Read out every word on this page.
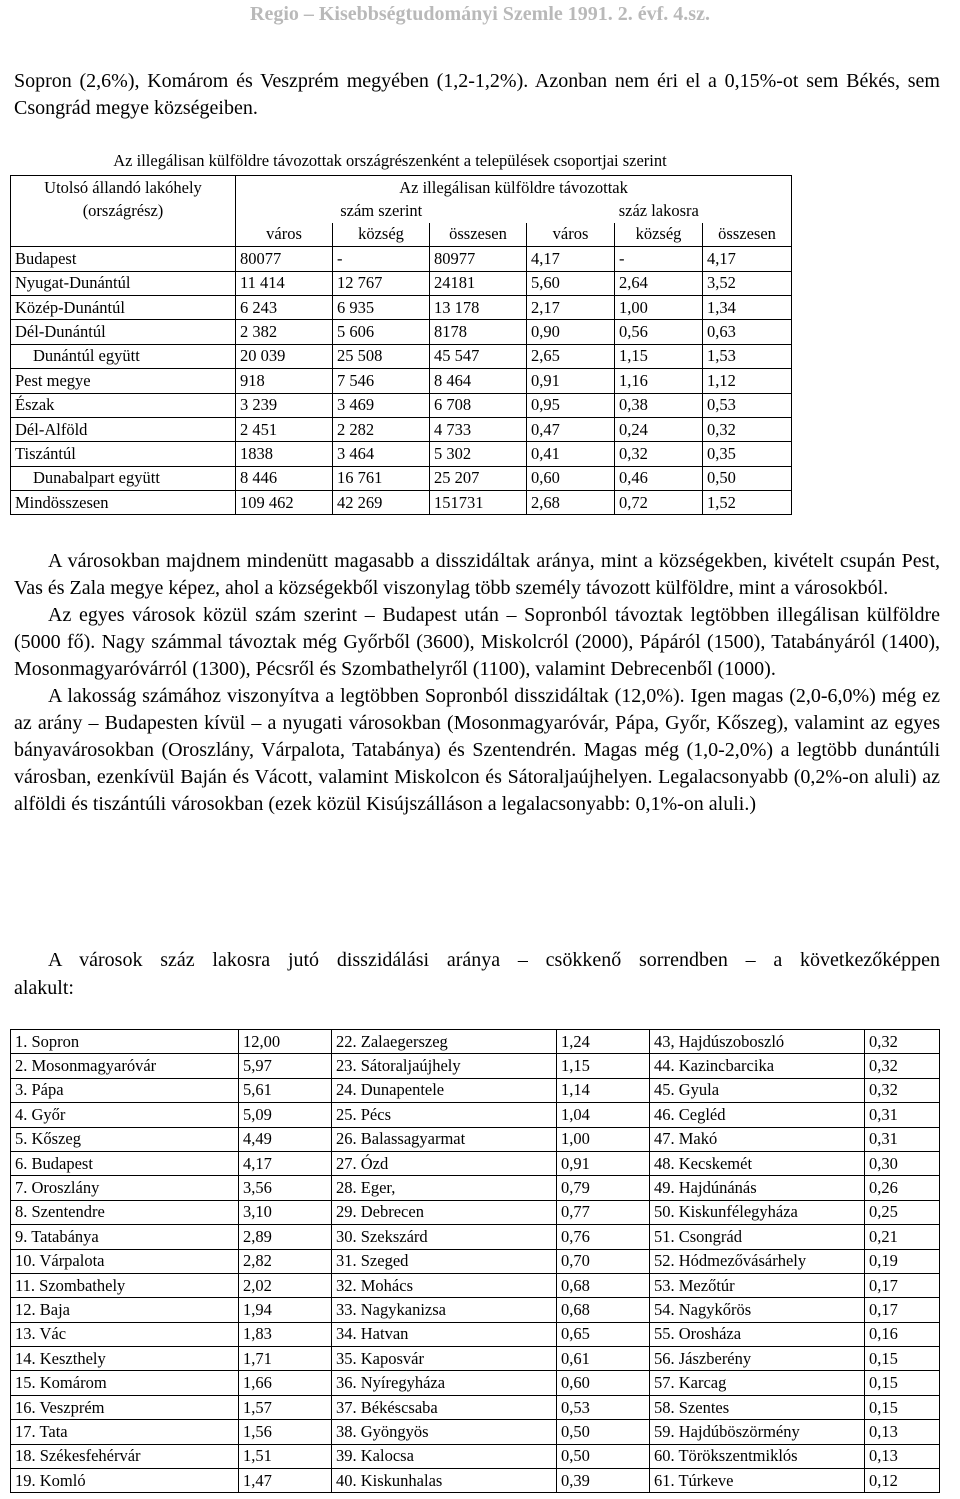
Regio – Kisebbségtudományi Szemle 1991. 2. évf. 4.sz.
Sopron (2,6%), Komárom és Veszprém megyében (1,2-1,2%). Azonban nem éri el a 0,15%-ot sem Békés, sem Csongrád megye községeiben.
Az illegálisan külföldre távozottak országrészenként a települések csoportjai szerint
Utolsó állandó lakóhely	Az illegálisan külföldre távozottak					
(országrész)	szám szerint			száz lakosra		
	város	község	összesen	város	község	összesen
Budapest	80077	-	80977	4,17	-	4,17
Nyugat-Dunántúl	11 414	12 767	24181	5,60	2,64	3,52
Közép-Dunántúl	6 243	6 935	13 178	2,17	1,00	1,34
Dél-Dunántúl	2 382	5 606	8178	0,90	0,56	0,63
Dunántúl együtt	20 039	25 508	45 547	2,65	1,15	1,53
Pest megye	918	7 546	8 464	0,91	1,16	1,12
Észak	3 239	3 469	6 708	0,95	0,38	0,53
Dél-Alföld	2 451	2 282	4 733	0,47	0,24	0,32
Tiszántúl	1838	3 464	5 302	0,41	0,32	0,35
Dunabalpart együtt	8 446	16 761	25 207	0,60	0,46	0,50
Mindösszesen	109 462	42 269	151731	2,68	0,72	1,52

A városokban majdnem mindenütt magasabb a disszidáltak aránya, mint a községekben, kivételt csupán Pest, Vas és Zala megye képez, ahol a községekből viszonylag több személy távozott külföldre, mint a városokból.

Az egyes városok közül szám szerint – Budapest után – Sopronból távoztak legtöbben illegálisan külföldre (5000 fő). Nagy számmal távoztak még Győrből (3600), Miskolcról (2000), Pápáról (1500), Tatabányáról (1400), Mosonmagyaróvárról (1300), Pécsről és Szombathelyről (1100), valamint Debrecenből (1000).

A lakosság számához viszonyítva a legtöbben Sopronból disszidáltak (12,0%). Igen magas (2,0-6,0%) még ez az arány – Budapesten kívül – a nyugati városokban (Mosonmagyaróvár, Pápa, Győr, Kőszeg), valamint az egyes bányavárosokban (Oroszlány, Várpalota, Tatabánya) és Szentendrén. Magas még (1,0-2,0%) a legtöbb dunántúli városban, ezenkívül Baján és Vácott, valamint Miskolcon és Sátoraljaújhelyen. Legalacsonyabb (0,2%-on aluli) az alföldi és tiszántúli városokban (ezek közül Kisújszálláson a legalacsonyabb: 0,1%-on aluli.)

A városok száz lakosra jutó disszidálási aránya – csökkenő sorrendben – a következőképpen alakult:
1. Sopron	12,00	22. Zalaegerszeg	1,24	43, Hajdúszoboszló	0,32
2. Mosonmagyaróvár	5,97	23. Sátoraljaújhely	1,15	44. Kazincbarcika	0,32
3. Pápa	5,61	24. Dunapentele	1,14	45. Gyula	0,32
4. Győr	5,09	25. Pécs	1,04	46. Cegléd	0,31
5. Kőszeg	4,49	26. Balassagyarmat	1,00	47. Makó	0,31
6. Budapest	4,17	27. Ózd	0,91	48. Kecskemét	0,30
7. Oroszlány	3,56	28. Eger,	0,79	49. Hajdúnánás	0,26
8. Szentendre	3,10	29. Debrecen	0,77	50. Kiskunfélegyháza	0,25
9. Tatabánya	2,89	30. Szekszárd	0,76	51. Csongrád	0,21
10. Várpalota	2,82	31. Szeged	0,70	52. Hódmezővásárhely	0,19
11. Szombathely	2,02	32. Mohács	0,68	53. Mezőtúr	0,17
12. Baja	1,94	33. Nagykanizsa	0,68	54. Nagykőrös	0,17
13. Vác	1,83	34. Hatvan	0,65	55. Orosháza	0,16
14. Keszthely	1,71	35. Kaposvár	0,61	56. Jászberény	0,15
15. Komárom	1,66	36. Nyíregyháza	0,60	57. Karcag	0,15
16. Veszprém	1,57	37. Békéscsaba	0,53	58. Szentes	0,15
17. Tata	1,56	38. Gyöngyös	0,50	59. Hajdúböszörmény	0,13
18. Székesfehérvár	1,51	39. Kalocsa	0,50	60. Törökszentmiklós	0,13
19. Komló	1,47	40. Kiskunhalas	0,39	61. Túrkeve	0,12
